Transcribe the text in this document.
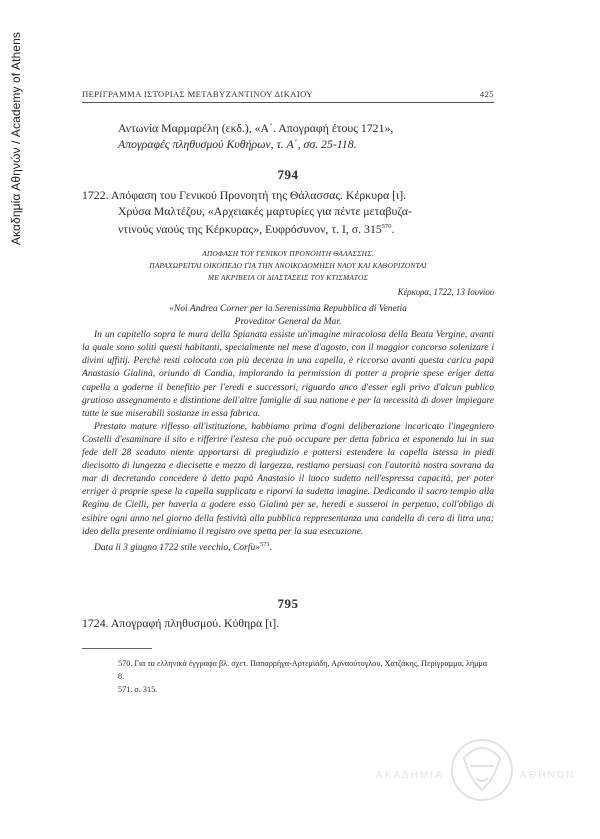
Ακαδημία Αθηνών / Academy of Athens	ΠΕΡΙΓΡΑΜΜΑ ΙΣΤΟΡΙΑΣ ΜΕΤΑΒΥΖΑΝΤΙΝΟΥ ΔΙΚΑΙΟΥ	425

Αντωνία Μαρμαρέλη (εκδ.), «Α΄. Απογραφή έτους 1721»,

Απογραφές πληθυσμού Κυθήρων, τ. Α΄, σσ. 25-118.

794

1722. Απόφαση του Γενικού Προνοητή της Θάλασσας. Κέρκυρα [ι].

Χρύσα Μαλτέζου, «Αρχειακές μαρτυρίες για πέντε μεταβυζα-

ντινούς ναούς της Κέρκυρας», Ευφρόσυνον, τ. Ι, σ. $315^{570}$.

ΑΠΟΦΑΣΗ ΤΟΥ ΓΕΝΙΚΟΥ ΠΡΟΝΟΗΤΗ ΘΑΛΑΣΣΗΣ.

ΠΑΡΑΧΩΡΕΙΤΑΙ ΟΙΚΟΠΕΔΟ ΓΙΑ ΤΗΝ ΑΝΟΙΚΟΔΟΜΗΣΗ ΝΑΟΥ ΚΑΙ ΚΑΘΟΡΙΖΟΝΤΑΙ

ΜΕ ΑΚΡΙΒΕΙΑ ΟΙ ΔΙΑΣΤΑΣΕΙΣ ΤΟΥ ΚΤΙΣΜΑΤΟΣ

Κέρκυρα, 1722, 13 Ιουνίου

«Noi Andrea Corner per la Serenissima Repubblica di Venetia

Proveditor General da Mar.

In un capitello sopra le mura della Spianata essiste un'imagine miracolosa della Beata Vergine, avanti la quale sono soliti questi habitanti, specialmente nel mese d'agosto, con il maggior concorso solenizare i divini uffitij. Perchè resti colocata con più decenza in una capella, è riccorso avanti questa carica papà Anastasio Gialinà, oriundo di Candia, implorando la permission di potter a proprie spese eriger detta capella a goderne il benefitio per l'eredi e successori, riguardo anco d'esser egli privo d'alcun publico gratioso assegnamento e distintione dell'altre famiglie di sua natione e per la necessità di dover impiegare tutte le sue miserabili sostanze in essa fabrica.

Prestato mature riflesso all'istituzione, habbiamo prima d'ogni deliberazione incaricato l'ingegniero Costelli d'esaminare il sito e rifferire l'estesa che può occupare per detta fabrica et esponendo lui in sua fede dell 28 scaduto niente apportarsi di pregiudizio e pottersi estendere la capella istessa in piedi diecisotto di lungezza e diecisette e mezzo di largezza, restiamo persuasi con l'autorità nostra sovrana da mar di decretando concedere à detto papà Anastasio il luoco sudetto nell'espressa capacità, per poter erriger à proprie spese la capella supplicata e riporvi la sudetta imagine. Dedicando il sacro tempio alla Regina de Cielli, per haverla a godere esso Gialinà per se, heredi e susseroi in perpetuo, coll'obligo di esibire ogni anno nel giorno della festività alla pubblica reppresentanza una candella di cera di litra una; ideo della presente ordiniamo il registro ove spetta per la sua esecuzione.

Data li 3 giugno 1722 stile vecchio, Corfù»$^{571}$.

795

1724. Απογραφή πληθυσμού. Κύθηρα [ι].

570. Για τα ελληνικά έγγραφα βλ. σχετ. Παπαρρήγα-Αρτεμιάδη, Αρναούτογλου, Χατζάκης, Περίγραμμα, λήμμα 8.

571. σ. 315.

ΑΚΑΔΗΜΙΑ	ΑΘΗΝΩΝ
